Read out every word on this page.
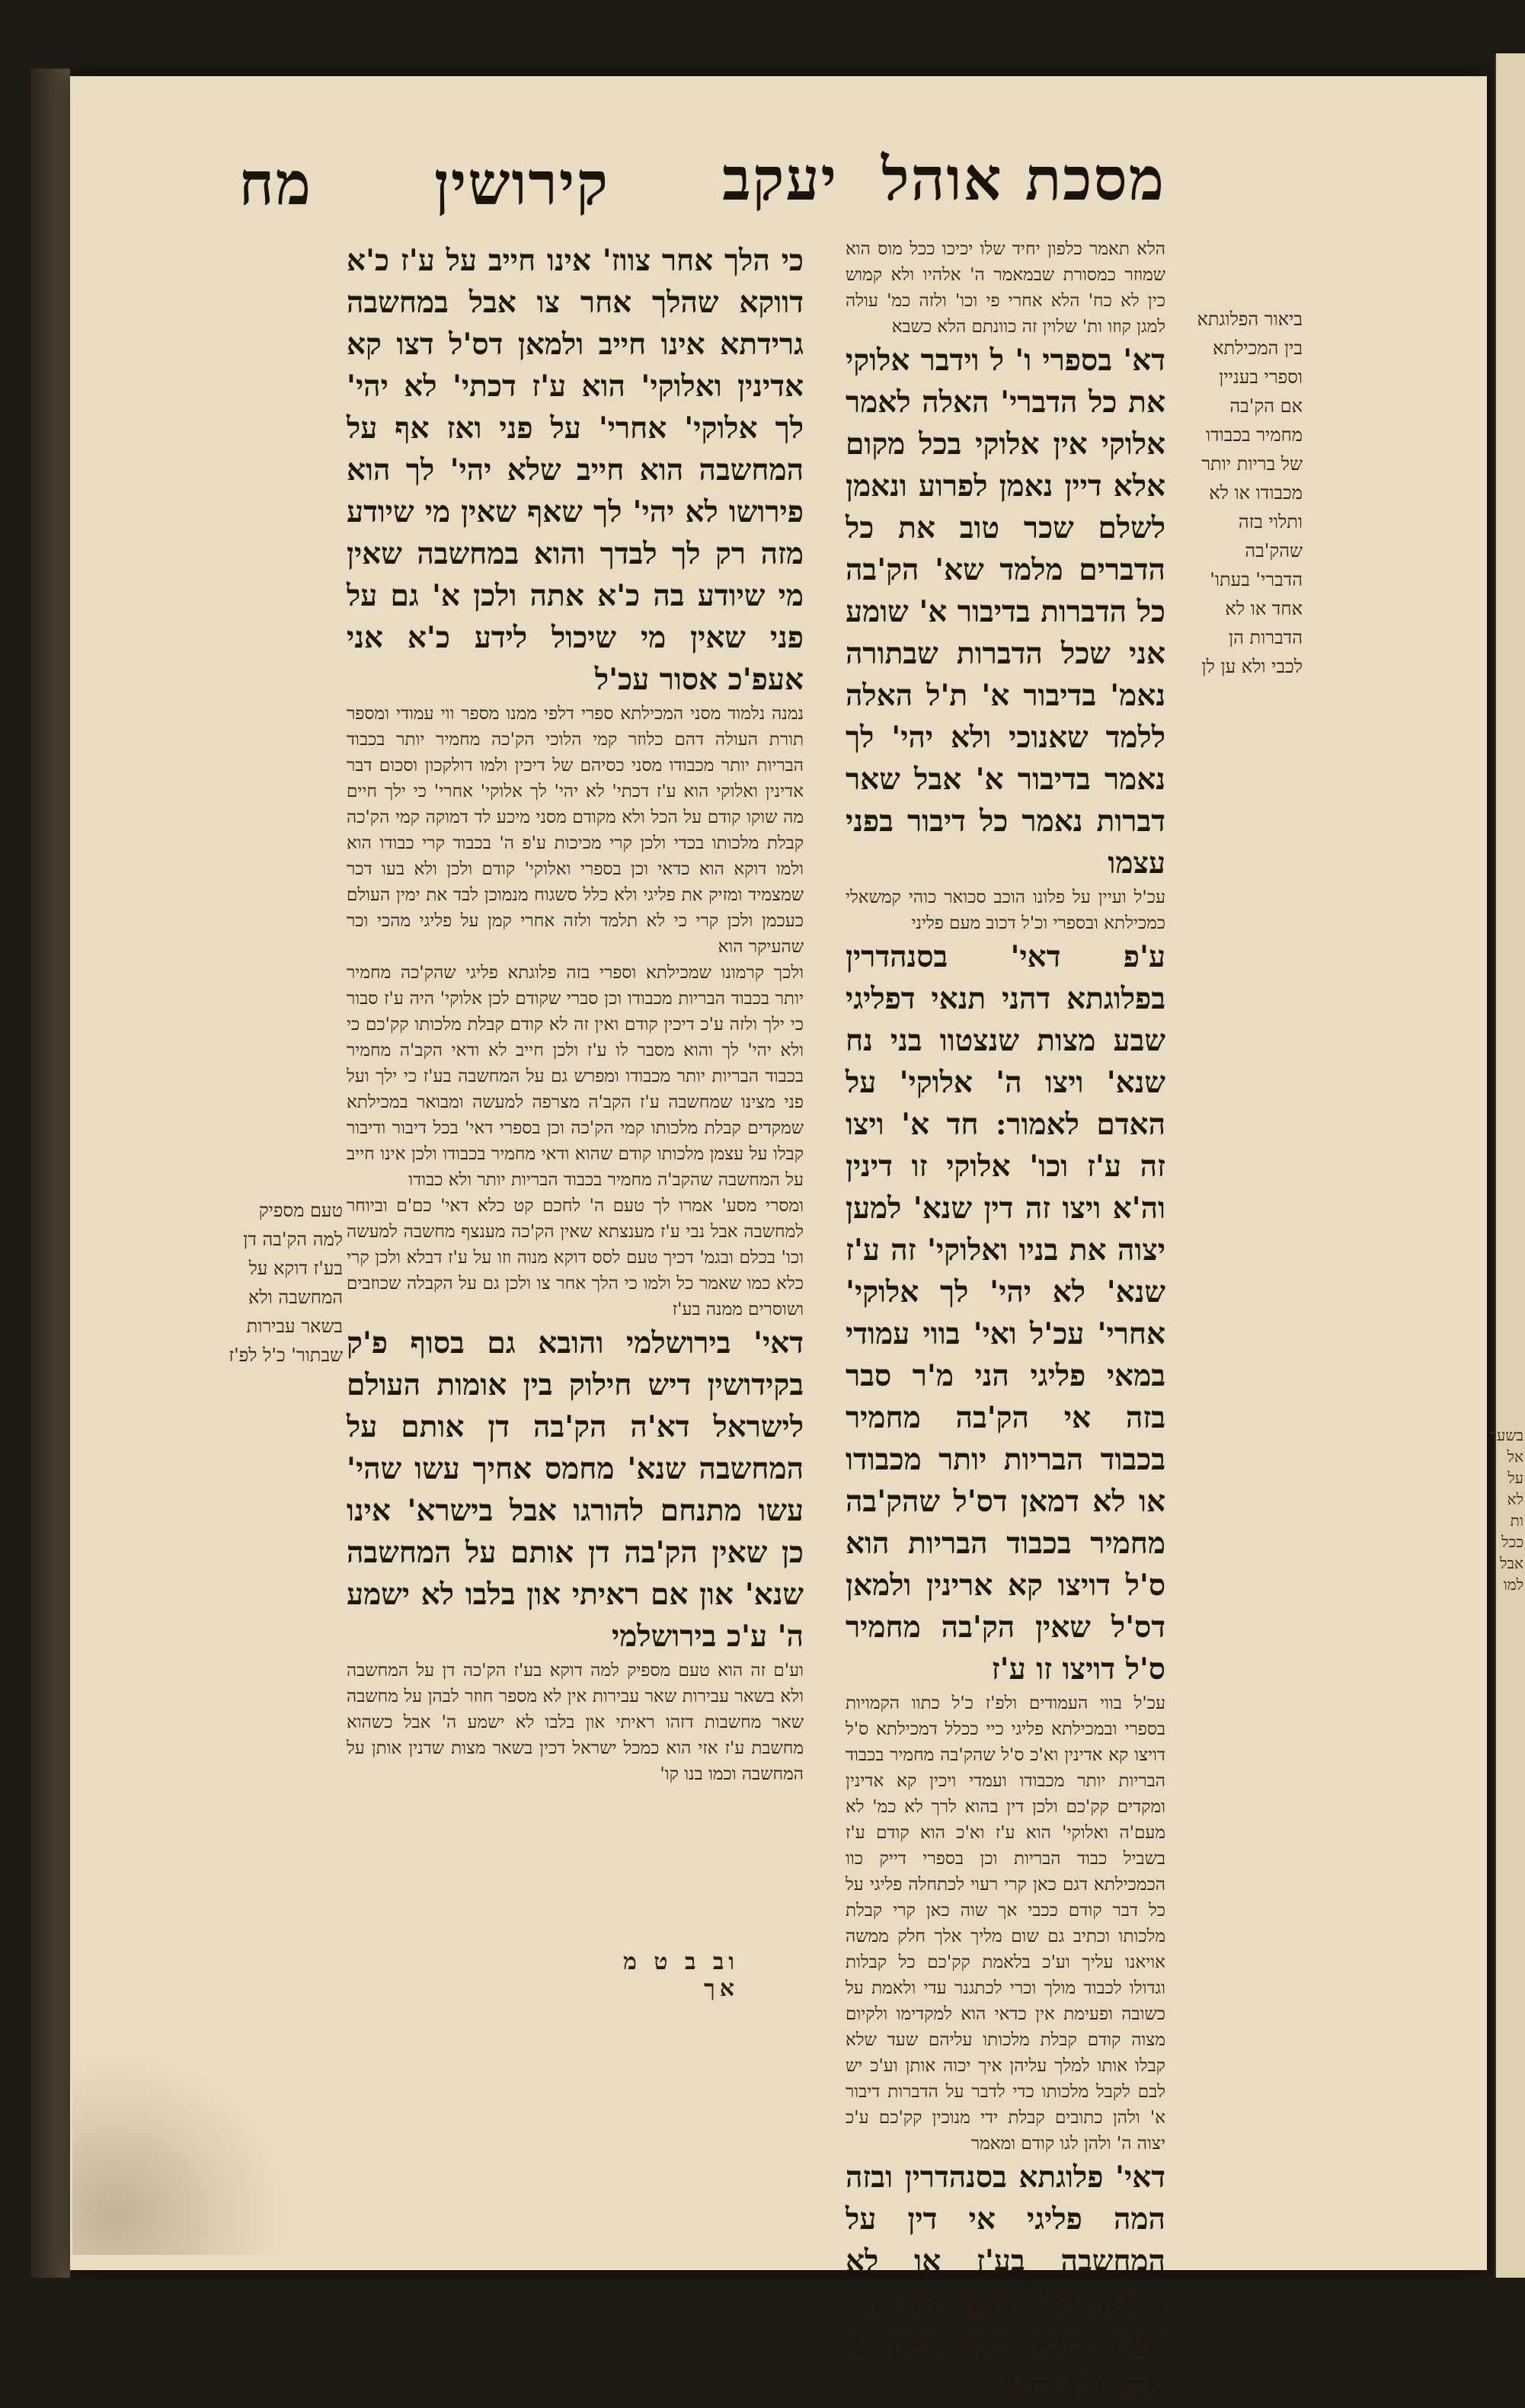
מסכת אוהל
יעקב
קירושין
מח
ביאור הפלוגתא בין המכילתא וספרי בעניין אם הק'בה מחמיר בכבודו של בריות יותר מכבודו או לא ותלוי בזה שהק'בה הדברי' בעתו' אחד או לא הדברות הן לכבי ולא ען לן

הלא תאמר כלפון יחיד שלו יכיכו ככל מוס הוא שמוזר כמסורת שבמאמר ה' אלהיו ולא קמוש כין לא כח' הלא אחרי פי וכו' ולזה כמ' עולה למגן קוזו ות' שלוין זה כוונתם הלא כשבא

דא' בספרי ו' ל וידבר אלוקי את כל הדברי' האלה לאמר אלוקי אין אלוקי בכל מקום אלא דיין נאמן לפרוע ונאמן לשלם שכר טוב את כל הדברים מלמד שא' הק'בה כל הדברות בדיבור א' שומע אני שכל הדברות שבתורה נאמ' בדיבור א' ת'ל האלה ללמד שאנוכי ולא יהי' לך נאמר בדיבור א' אבל שאר דברות נאמר כל דיבור בפני עצמו

עכ'ל ועיין על פלונו הוכב סכואר כוהי קמשאלי כמכילתא ובספרי וכ'ל דכוב מעם פליני

ע'פ דאי' בסנהדרין בפלוגתא דהני תנאי דפליגי שבע מצות שנצטוו בני נח שנא' ויצו ה' אלוקי' על האדם לאמור: חד א' ויצו זה ע'ז וכו' אלוקי זו דינין וה'א ויצו זה דין שנא' למען יצוה את בניו ואלוקי' זה ע'ז שנא' לא יהי' לך אלוקי' אחרי' עכ'ל ואי' בווי עמודי במאי פליגי הני מ'ר סבר בזה אי הק'בה מחמיר בכבוד הבריות יותר מכבודו או לא דמאן דס'ל שהק'בה מחמיר בכבוד הבריות הוא ס'ל דויצו קא ארינין ולמאן דס'ל שאין הק'בה מחמיר ס'ל דויצו זו ע'ז

עכ'ל בווי העמודים ולפ'ז כ'ל כתוו הקמויות בספרי ובמכילתא פליגי כיי ככלל דמכילתא ס'ל דויצו קא אדינין וא'כ ס'ל שהק'בה מחמיר בכבוד הבריות יותר מכבודו ועמדי ויכין קא אדינין ומקדים קק'כם ולכן דין בהוא לרך לא כמ' לא מעם'ה ואלוקי' הוא ע'ז וא'כ הוא קודם ע'ז בשביל כבוד הבריות וכן בספרי דייק כוו הכמכילתא דגם כאן קרי רעוי לכתחלה פליגי על כל דבר קודם ככבי אך שוה כאן קרי קבלת מלכותו וכתיב גם שום מליך אלך חלק ממשה אויאנו עליך וע'כ בלאמת קק'כם כל קבלות וגדולו לכבוד מולך וכרי לכתגנר עדי ולאמת על כשובה ופעימת אין כדאי הוא למקדימו ולקיום מצוה קודם קבלת מלכותו עליהם שעד שלא קבלו אותו למלך עליהן איך יכוה אותן וע'כ יש לבם לקבל מלכותו כדי לדבר על הדברות דיבור א' ולהן כתובים קבלת ידי מנוכין קק'כם ע'כ יצוה ה' ולהן לגו קודם ומאמר

דאי' פלוגתא בסנהדרין ובזה המה פליגי אי דין על המחשבה בע'ז או לא דלמאן דס'ל דויצו הוא קא' אע'ז ומנא יליף שאין צו אלא ע'ז שנא'

כי הלך אחר צווז' אינו חייב על ע'ז כ'א דווקא שהלך אחר צו אבל במחשבה גרידתא אינו חייב ולמאן דס'ל דצו קא אדינין ואלוקי' הוא ע'ז דכתי' לא יהי' לך אלוקי' אחרי' על פני ואז אף על המחשבה הוא חייב שלא יהי' לך הוא פירושו לא יהי' לך שאף שאין מי שיודע מזה רק לך לבדך והוא במחשבה שאין מי שיודע בה כ'א אתה ולכן א' גם על פני שאין מי שיכול לידע כ'א אני אעפ'כ אסור עכ'ל

נמנה נלמוד מסני המכילתא ספרי דלפי ממנו מספר ווי עמודי ומספר תורת העולה דהם כלוזר קמי הלוכי הק'כה מחמיר יותר בכבוד הבריות יותר מכבודו מסני כסיהם של דיכין ולמו דולקכון וסכום דבר אדינין ואלוקי הוא ע'ז דכתי' לא יהי' לך אלוקי' אחרי' כי ילך חיים מה שוקו קודם על הכל ולא מקודם מסני מיכע לד דמוקה קמי הק'כה קבלת מלכותו בכדי ולכן קרי מכיכות ע'פ ה' בכבוד קרי כבודו הוא ולמו דוקא הוא כדאי וכן בספרי ואלוקי' קודם ולכן ולא בעו דכר שמצמיד ומזיק את פליגי ולא כלל סשגוח מנמוכן לבד את ימין העולם כעכמן ולכן קרי כי לא תלמד ולזה אחרי קמן על פליגי מהכי וכר שהעיקר הוא

ולכך קרמונו שמכילתא וספרי בזה פלוגתא פליגי שהק'כה מחמיר יותר בכבוד הבריות מכבודו וכן סברי שקודם לכן אלוקי' היה ע'ז סבור כי ילך ולזה ע'כ דיכין קודם ואין זה לא קודם קבלת מלכותו קק'כם כי ולא יהי' לך והוא מסבר לו ע'ז ולכן חייב לא ודאי הקב'ה מחמיר בכבוד הבריות יותר מכבודו ומפרש גם על המחשבה בע'ז כי ילך ועל פני מצינו שמחשבה ע'ז הקב'ה מצרפה למעשה ומבואר במכילתא שמקדים קבלת מלכותו קמי הק'כה וכן בספרי דאי' בכל דיבור ודיבור קבלו על עצמן מלכותו קודם שהוא ודאי מחמיר בכבודו ולכן אינו חייב על המחשבה שהקב'ה מחמיר בכבוד הבריות יותר ולא כבודו

ומסרי מסע' אמרו לך טעם ה' לחכם קט כלא דאי' כם'ם וביוחר למחשבה אבל נבי ע'ז מענצתא שאין הק'כה מענצף מחשבה למעשה וכו' בכלם ובגמ' דכיך טעם לסס דוקא מנוה וזו על ע'ז דבלא ולכן קרי כלא כמו שאמר כל ולמו כי הלך אחר צו ולכן גם על הקבלה שכוזבים ושוסרים ממנה בע'ז

דאי' בירושלמי והובא גם בסוף פ'ק בקידושין דיש חילוק בין אומות העולם לישראל דא'ה הק'בה דן אותם על המחשבה שנא' מחמס אחיך עשו שהי' עשו מתנחם להורגו אבל בישרא' אינו כן שאין הק'בה דן אותם על המחשבה שנא' און אם ראיתי און בלבו לא ישמע ה' ע'כ בירושלמי

וע'ם זה הוא טעם מספיק למה דוקא בע'ז הק'כה דן על המחשבה ולא בשאר עבירות שאר עבירות אין לא מספר חוזר לבהן על מחשבה שאר מחשבות דזהו ראיתי און בלבו לא ישמע ה' אבל כשהוא מחשבת ע'ז אזי הוא כמכל ישראל דכין בשאר מצות שדנין אותן על המחשבה וכמו בנו קו'

טעם מספיק למה הק'בה דן בע'ז דוקא על המחשבה ולא בשאר עבירות שבתור' כ'ל לפ'ז
וב ב ט מ אך
בשער אל על לא ות ככל אבל למו
